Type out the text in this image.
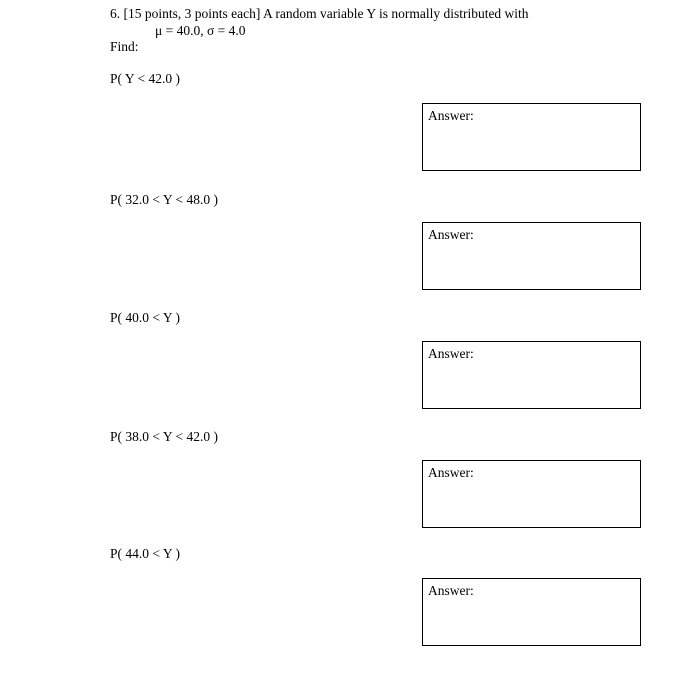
6. [15 points, 3 points each] A random variable Y is normally distributed with
μ = 40.0, σ = 4.0
Find:
P( Y < 42.0 )
Answer:
P( 32.0 < Y < 48.0 )
Answer:
P( 40.0 < Y )
Answer:
P( 38.0 < Y < 42.0 )
Answer:
P( 44.0 < Y )
Answer:
